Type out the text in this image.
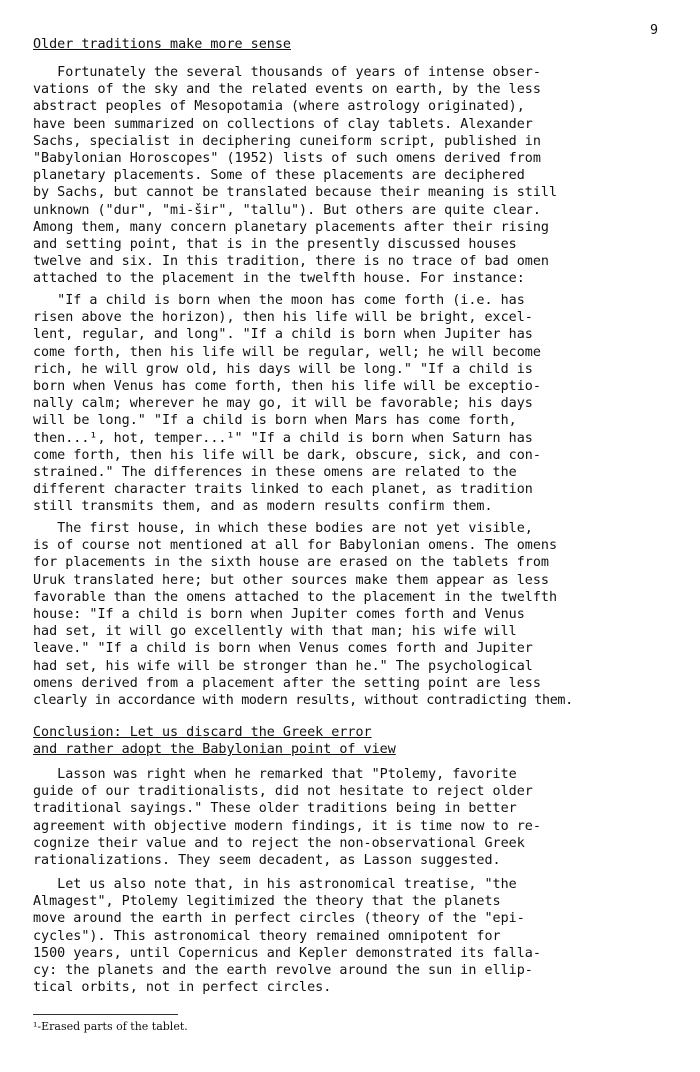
9
Older traditions make more sense
Fortunately the several thousands of years of intense obser-
vations of the sky and the related events on earth, by the less
abstract peoples of Mesopotamia (where astrology originated),
have been summarized on collections of clay tablets. Alexander
Sachs, specialist in deciphering cuneiform script, published in
"Babylonian Horoscopes" (1952) lists of such omens derived from
planetary placements. Some of these placements are deciphered
by Sachs, but cannot be translated because their meaning is still
unknown ("dur", "mi-šir", "tallu"). But others are quite clear.
Among them, many concern planetary placements after their rising
and setting point, that is in the presently discussed houses
twelve and six. In this tradition, there is no trace of bad omen
attached to the placement in the twelfth house. For instance:
"If a child is born when the moon has come forth (i.e. has
risen above the horizon), then his life will be bright, excel-
lent, regular, and long". "If a child is born when Jupiter has
come forth, then his life will be regular, well; he will become
rich, he will grow old, his days will be long." "If a child is
born when Venus has come forth, then his life will be exceptio-
nally calm; wherever he may go, it will be favorable; his days
will be long." "If a child is born when Mars has come forth,
then...¹, hot, temper...¹" "If a child is born when Saturn has
come forth, then his life will be dark, obscure, sick, and con-
strained." The differences in these omens are related to the
different character traits linked to each planet, as tradition
still transmits them, and as modern results confirm them.
The first house, in which these bodies are not yet visible,
is of course not mentioned at all for Babylonian omens. The omens
for placements in the sixth house are erased on the tablets from
Uruk translated here; but other sources make them appear as less
favorable than the omens attached to the placement in the twelfth
house: "If a child is born when Jupiter comes forth and Venus
had set, it will go excellently with that man; his wife will
leave." "If a child is born when Venus comes forth and Jupiter
had set, his wife will be stronger than he." The psychological
omens derived from a placement after the setting point are less
clearly in accordance with modern results, without contradicting them.
Conclusion: Let us discard the Greek error
and rather adopt the Babylonian point of view
Lasson was right when he remarked that "Ptolemy, favorite
guide of our traditionalists, did not hesitate to reject older
traditional sayings." These older traditions being in better
agreement with objective modern findings, it is time now to re-
cognize their value and to reject the non-observational Greek
rationalizations. They seem decadent, as Lasson suggested.
Let us also note that, in his astronomical treatise, "the
Almagest", Ptolemy legitimized the theory that the planets
move around the earth in perfect circles (theory of the "epi-
cycles"). This astronomical theory remained omnipotent for
1500 years, until Copernicus and Kepler demonstrated its falla-
cy: the planets and the earth revolve around the sun in ellip-
tical orbits, not in perfect circles.
¹-Erased parts of the tablet.
